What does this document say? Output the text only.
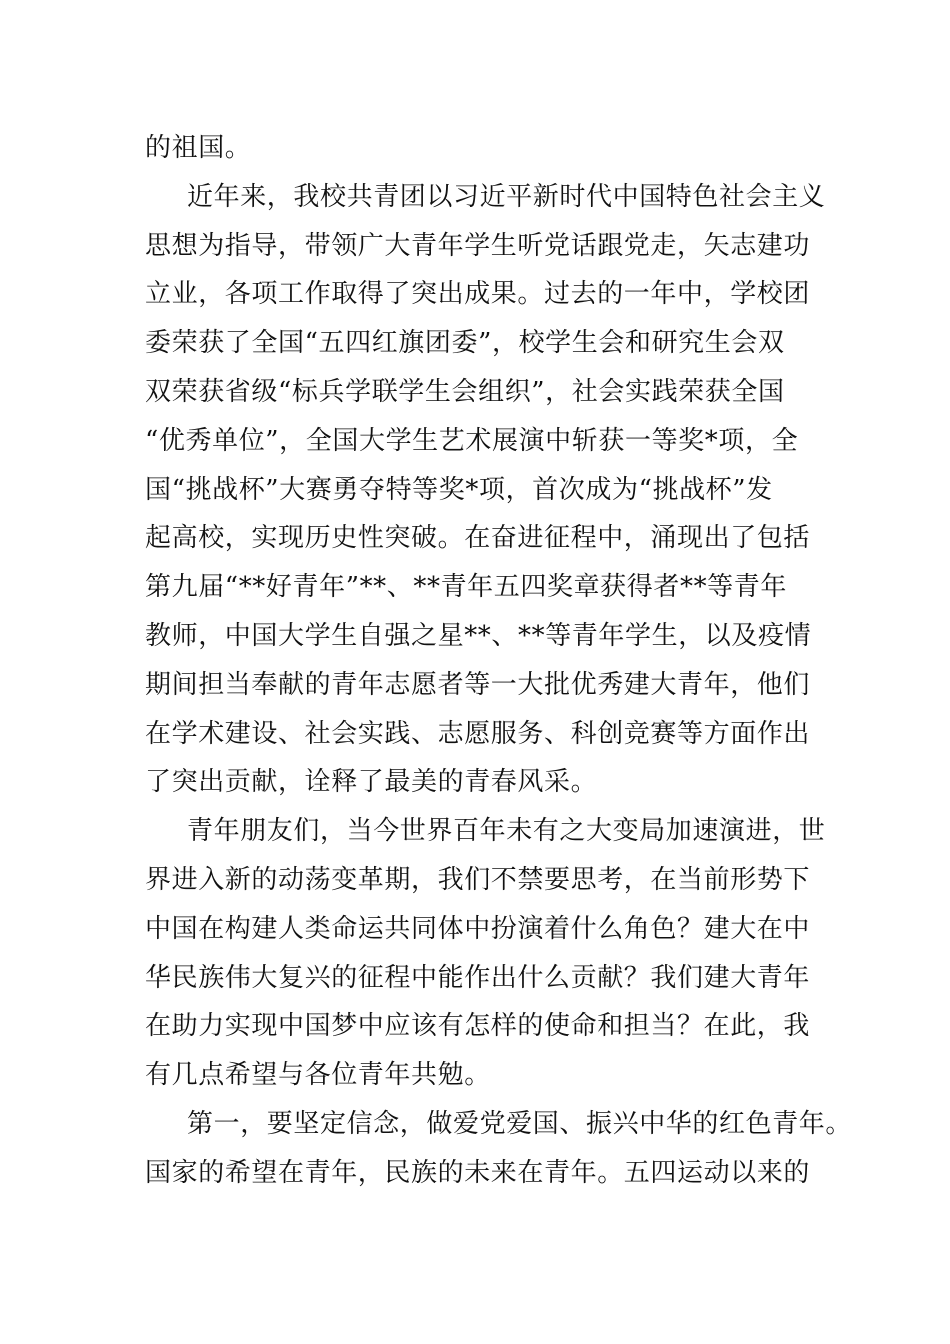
的祖国。
近年来，我校共青团以习近平新时代中国特色社会主义
思想为指导，带领广大青年学生听党话跟党走，矢志建功
立业，各项工作取得了突出成果。过去的一年中，学校团
委荣获了全国“五四红旗团委”，校学生会和研究生会双
双荣获省级“标兵学联学生会组织”，社会实践荣获全国
“优秀单位”，全国大学生艺术展演中斩获一等奖*项，全
国“挑战杯”大赛勇夺特等奖*项，首次成为“挑战杯”发
起高校，实现历史性突破。在奋进征程中，涌现出了包括
第九届“**好青年”**、**青年五四奖章获得者**等青年
教师，中国大学生自强之星**、**等青年学生，以及疫情
期间担当奉献的青年志愿者等一大批优秀建大青年，他们
在学术建设、社会实践、志愿服务、科创竞赛等方面作出
了突出贡献，诠释了最美的青春风采。
青年朋友们，当今世界百年未有之大变局加速演进，世
界进入新的动荡变革期，我们不禁要思考，在当前形势下
中国在构建人类命运共同体中扮演着什么角色？建大在中
华民族伟大复兴的征程中能作出什么贡献？我们建大青年
在助力实现中国梦中应该有怎样的使命和担当？在此，我
有几点希望与各位青年共勉。
第一，要坚定信念，做爱党爱国、振兴中华的红色青年。
国家的希望在青年，民族的未来在青年。五四运动以来的
